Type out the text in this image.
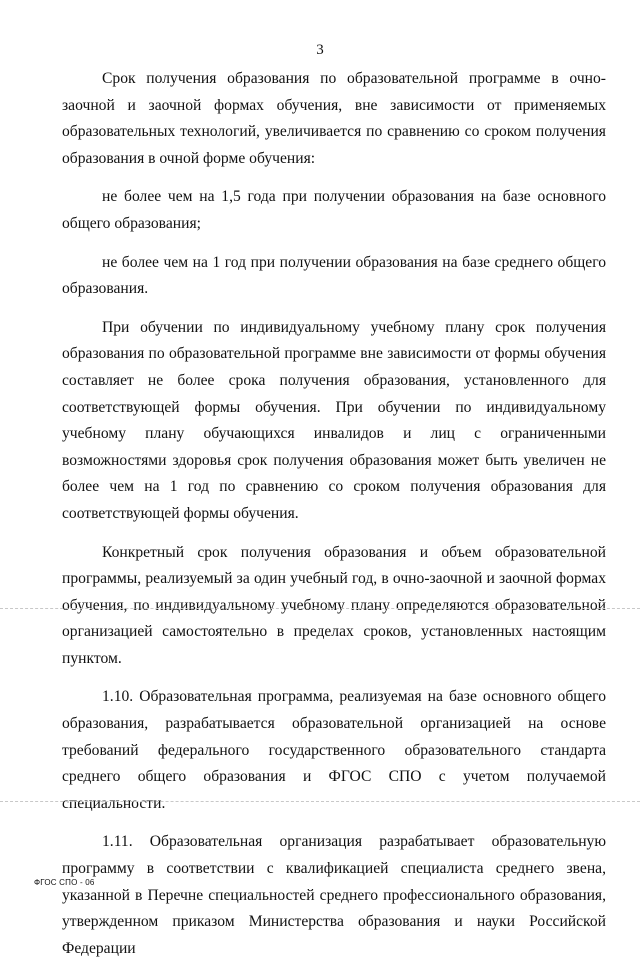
3

Срок получения образования по образовательной программе в очно-заочной и заочной формах обучения, вне зависимости от применяемых образовательных технологий, увеличивается по сравнению со сроком получения образования в очной форме обучения:

не более чем на 1,5 года при получении образования на базе основного общего образования;

не более чем на 1 год при получении образования на базе среднего общего образования.

При обучении по индивидуальному учебному плану срок получения образования по образовательной программе вне зависимости от формы обучения составляет не более срока получения образования, установленного для соответствующей формы обучения. При обучении по индивидуальному учебному плану обучающихся инвалидов и лиц с ограниченными возможностями здоровья срок получения образования может быть увеличен не более чем на 1 год по сравнению со сроком получения образования для соответствующей формы обучения.

Конкретный срок получения образования и объем образовательной программы, реализуемый за один учебный год, в очно-заочной и заочной формах обучения, по индивидуальному учебному плану определяются образовательной организацией самостоятельно в пределах сроков, установленных настоящим пунктом.

1.10. Образовательная программа, реализуемая на базе основного общего образования, разрабатывается образовательной организацией на основе требований федерального государственного образовательного стандарта среднего общего образования и ФГОС СПО с учетом получаемой специальности.

1.11. Образовательная организация разрабатывает образовательную программу в соответствии с квалификацией специалиста среднего звена, указанной в Перечне специальностей среднего профессионального образования, утвержденном приказом Министерства образования и науки Российской Федерации

ФГОС СПО - 06
